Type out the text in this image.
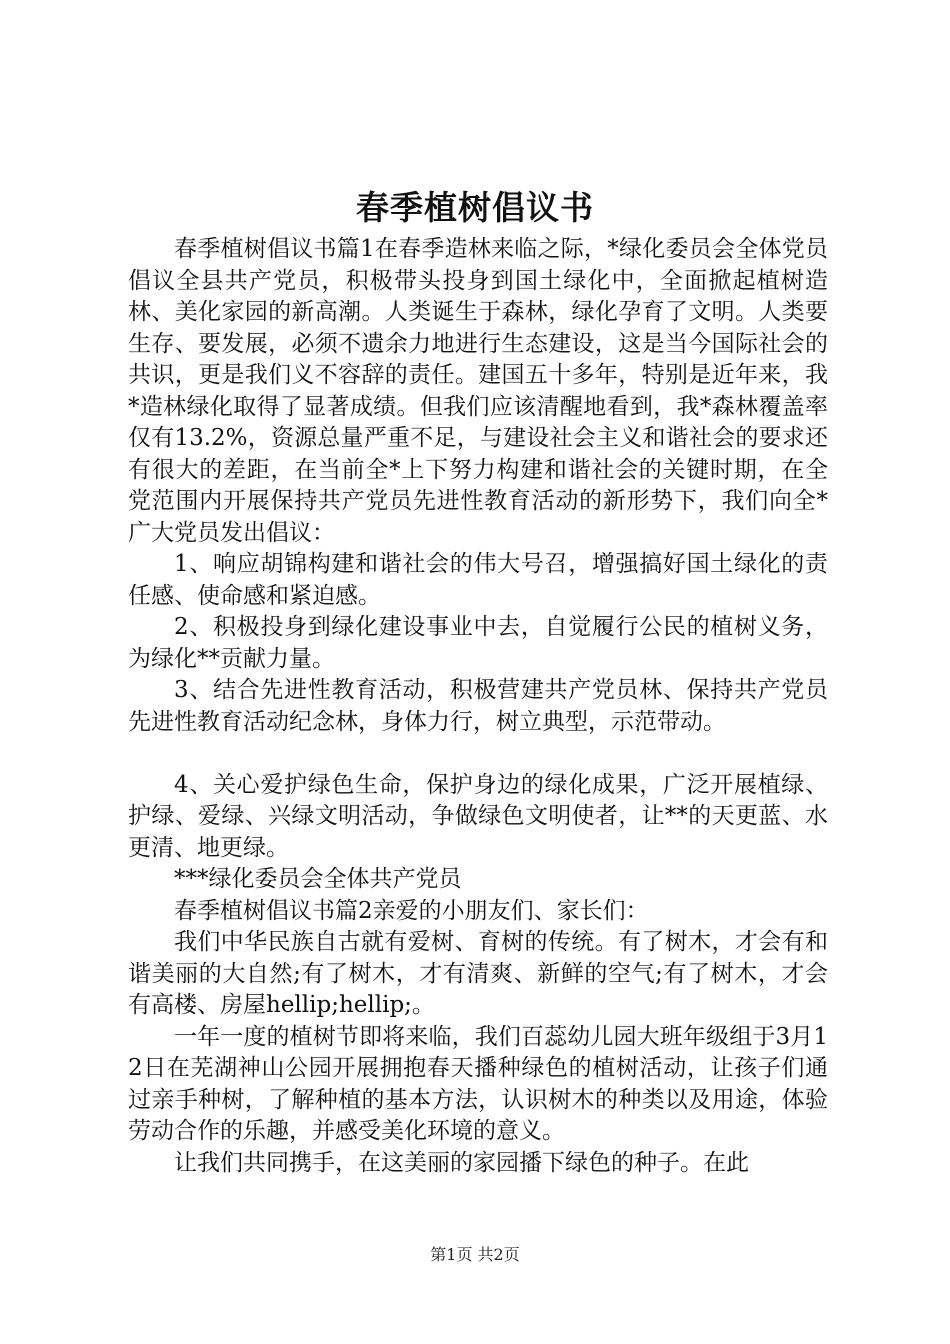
春季植树倡议书

春季植树倡议书篇1在春季造林来临之际，*绿化委员会全体党员倡议全县共产党员，积极带头投身到国土绿化中，全面掀起植树造林、美化家园的新高潮。人类诞生于森林，绿化孕育了文明。人类要生存、要发展，必须不遗余力地进行生态建设，这是当今国际社会的共识，更是我们义不容辞的责任。建国五十多年，特别是近年来，我*造林绿化取得了显著成绩。但我们应该清醒地看到，我*森林覆盖率仅有13.2%，资源总量严重不足，与建设社会主义和谐社会的要求还有很大的差距，在当前全*上下努力构建和谐社会的关键时期，在全党范围内开展保持共产党员先进性教育活动的新形势下，我们向全*广大党员发出倡议：

1、响应胡锦构建和谐社会的伟大号召，增强搞好国土绿化的责任感、使命感和紧迫感。

2、积极投身到绿化建设事业中去，自觉履行公民的植树义务，为绿化**贡献力量。

3、结合先进性教育活动，积极营建共产党员林、保持共产党员先进性教育活动纪念林，身体力行，树立典型，示范带动。

4、关心爱护绿色生命，保护身边的绿化成果，广泛开展植绿、护绿、爱绿、兴绿文明活动，争做绿色文明使者，让**的天更蓝、水更清、地更绿。

***绿化委员会全体共产党员

春季植树倡议书篇2亲爱的小朋友们、家长们：

我们中华民族自古就有爱树、育树的传统。有了树木，才会有和谐美丽的大自然;有了树木，才有清爽、新鲜的空气;有了树木，才会有高楼、房屋hellip;hellip;。

一年一度的植树节即将来临，我们百蕊幼儿园大班年级组于3月12日在芜湖神山公园开展拥抱春天播种绿色的植树活动，让孩子们通过亲手种树，了解种植的基本方法，认识树木的种类以及用途，体验劳动合作的乐趣，并感受美化环境的意义。

让我们共同携手，在这美丽的家园播下绿色的种子。在此

第1页 共2页
